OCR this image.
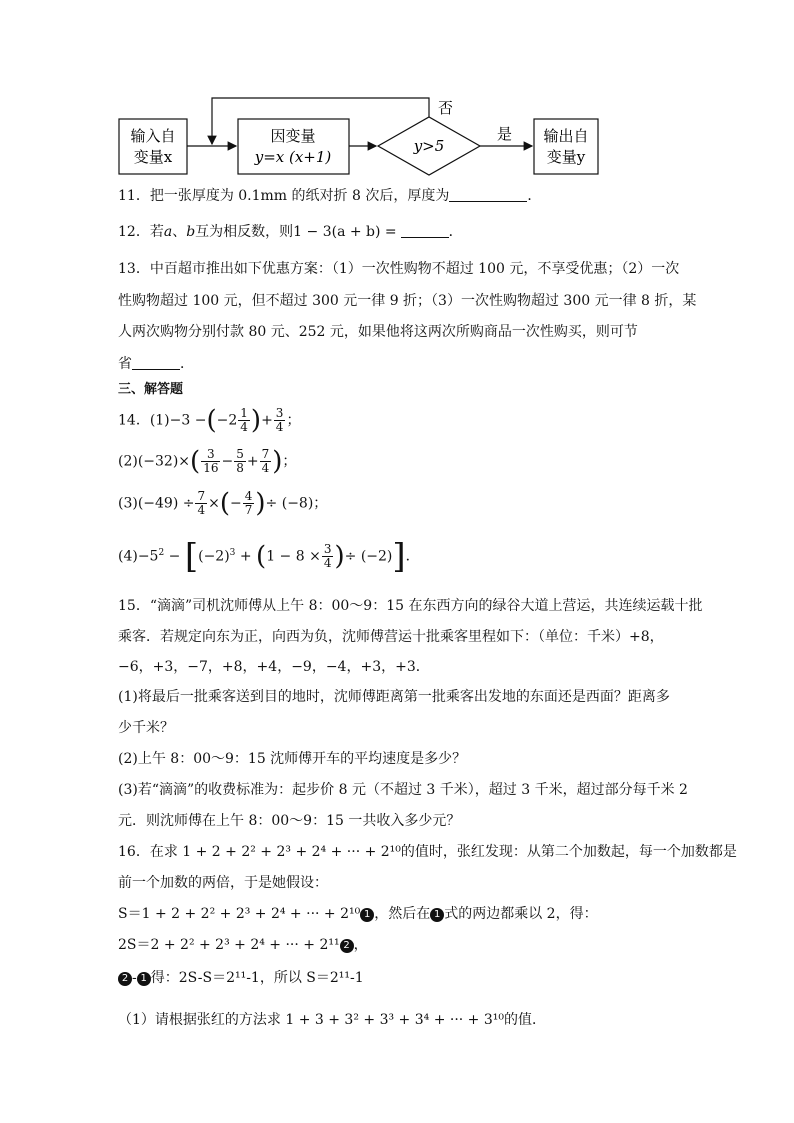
输入自
变量x
因变量
y=x (x+1)
y>5
否
是 输出自
变量y
11．把一张厚度为 0.1mm 的纸对折 8 次后，厚度为	．
12．若a、b互为相反数，则1 − 3(a + b) =	．
13．中百超市推出如下优惠方案：（1）一次性购物不超过 100 元，不享受优惠；（2）一次
性购物超过 100 元，但不超过 300 元一律 9 折；（3）一次性购物超过 300 元一律 8 折，某
人两次购物分别付款 80 元、252 元，如果他将这两次所购商品一次性购买，则可节
省	．
三、解答题
14．$(1)-3 -(-2 \frac{1}{4}$ )+ $\frac{3}{4}$ ；
$(2)(-32)\times( \frac{3}{16} - \frac{5}{8} + \frac{7}{4}$ )；
$(3)(-49) \div \frac{7}{4}$ ×(− $\frac{4}{7}$ )÷ (−8)；
$(4)-5^2 - [(-2)^3 + (1 - 8 \times \frac{3}{4}$ )÷ (−2)]．
15．“滴滴”司机沈师傅从上午 8：00～9：15 在东西方向的绿谷大道上营运，共连续运载十批
乘客．若规定向东为正，向西为负，沈师傅营运十批乘客里程如下：（单位：千米）+8，
−6，+3，−7，+8，+4，−9，−4，+3，+3．
(1)将最后一批乘客送到目的地时，沈师傅距离第一批乘客出发地的东面还是西面？距离多
少千米？
(2)上午 8：00～9：15 沈师傅开车的平均速度是多少？
(3)若“滴滴”的收费标准为：起步价 8 元（不超过 3 千米），超过 3 千米，超过部分每千米 2
元．则沈师傅在上午 8：00～9：15 一共收入多少元？
16．在求 1 + 2 + 2² + 2³ + 2⁴ + ··· + 2¹⁰的值时，张红发现：从第二个加数起，每一个加数都是
前一个加数的两倍，于是她假设：
S＝1 + 2 + 2² + 2³ + 2⁴ + ··· + 2¹⁰ 1 ，然后在 1 式的两边都乘以 2，得：
2S＝2 + 2² + 2³ + 2⁴ + ··· + 2¹¹ 2 ，
2 - 1 得：2S-S＝2¹¹-1，所以 S＝2¹¹-1
（1）请根据张红的方法求 1 + 3 + 3² + 3³ + 3⁴ + ··· + 3¹⁰的值．
